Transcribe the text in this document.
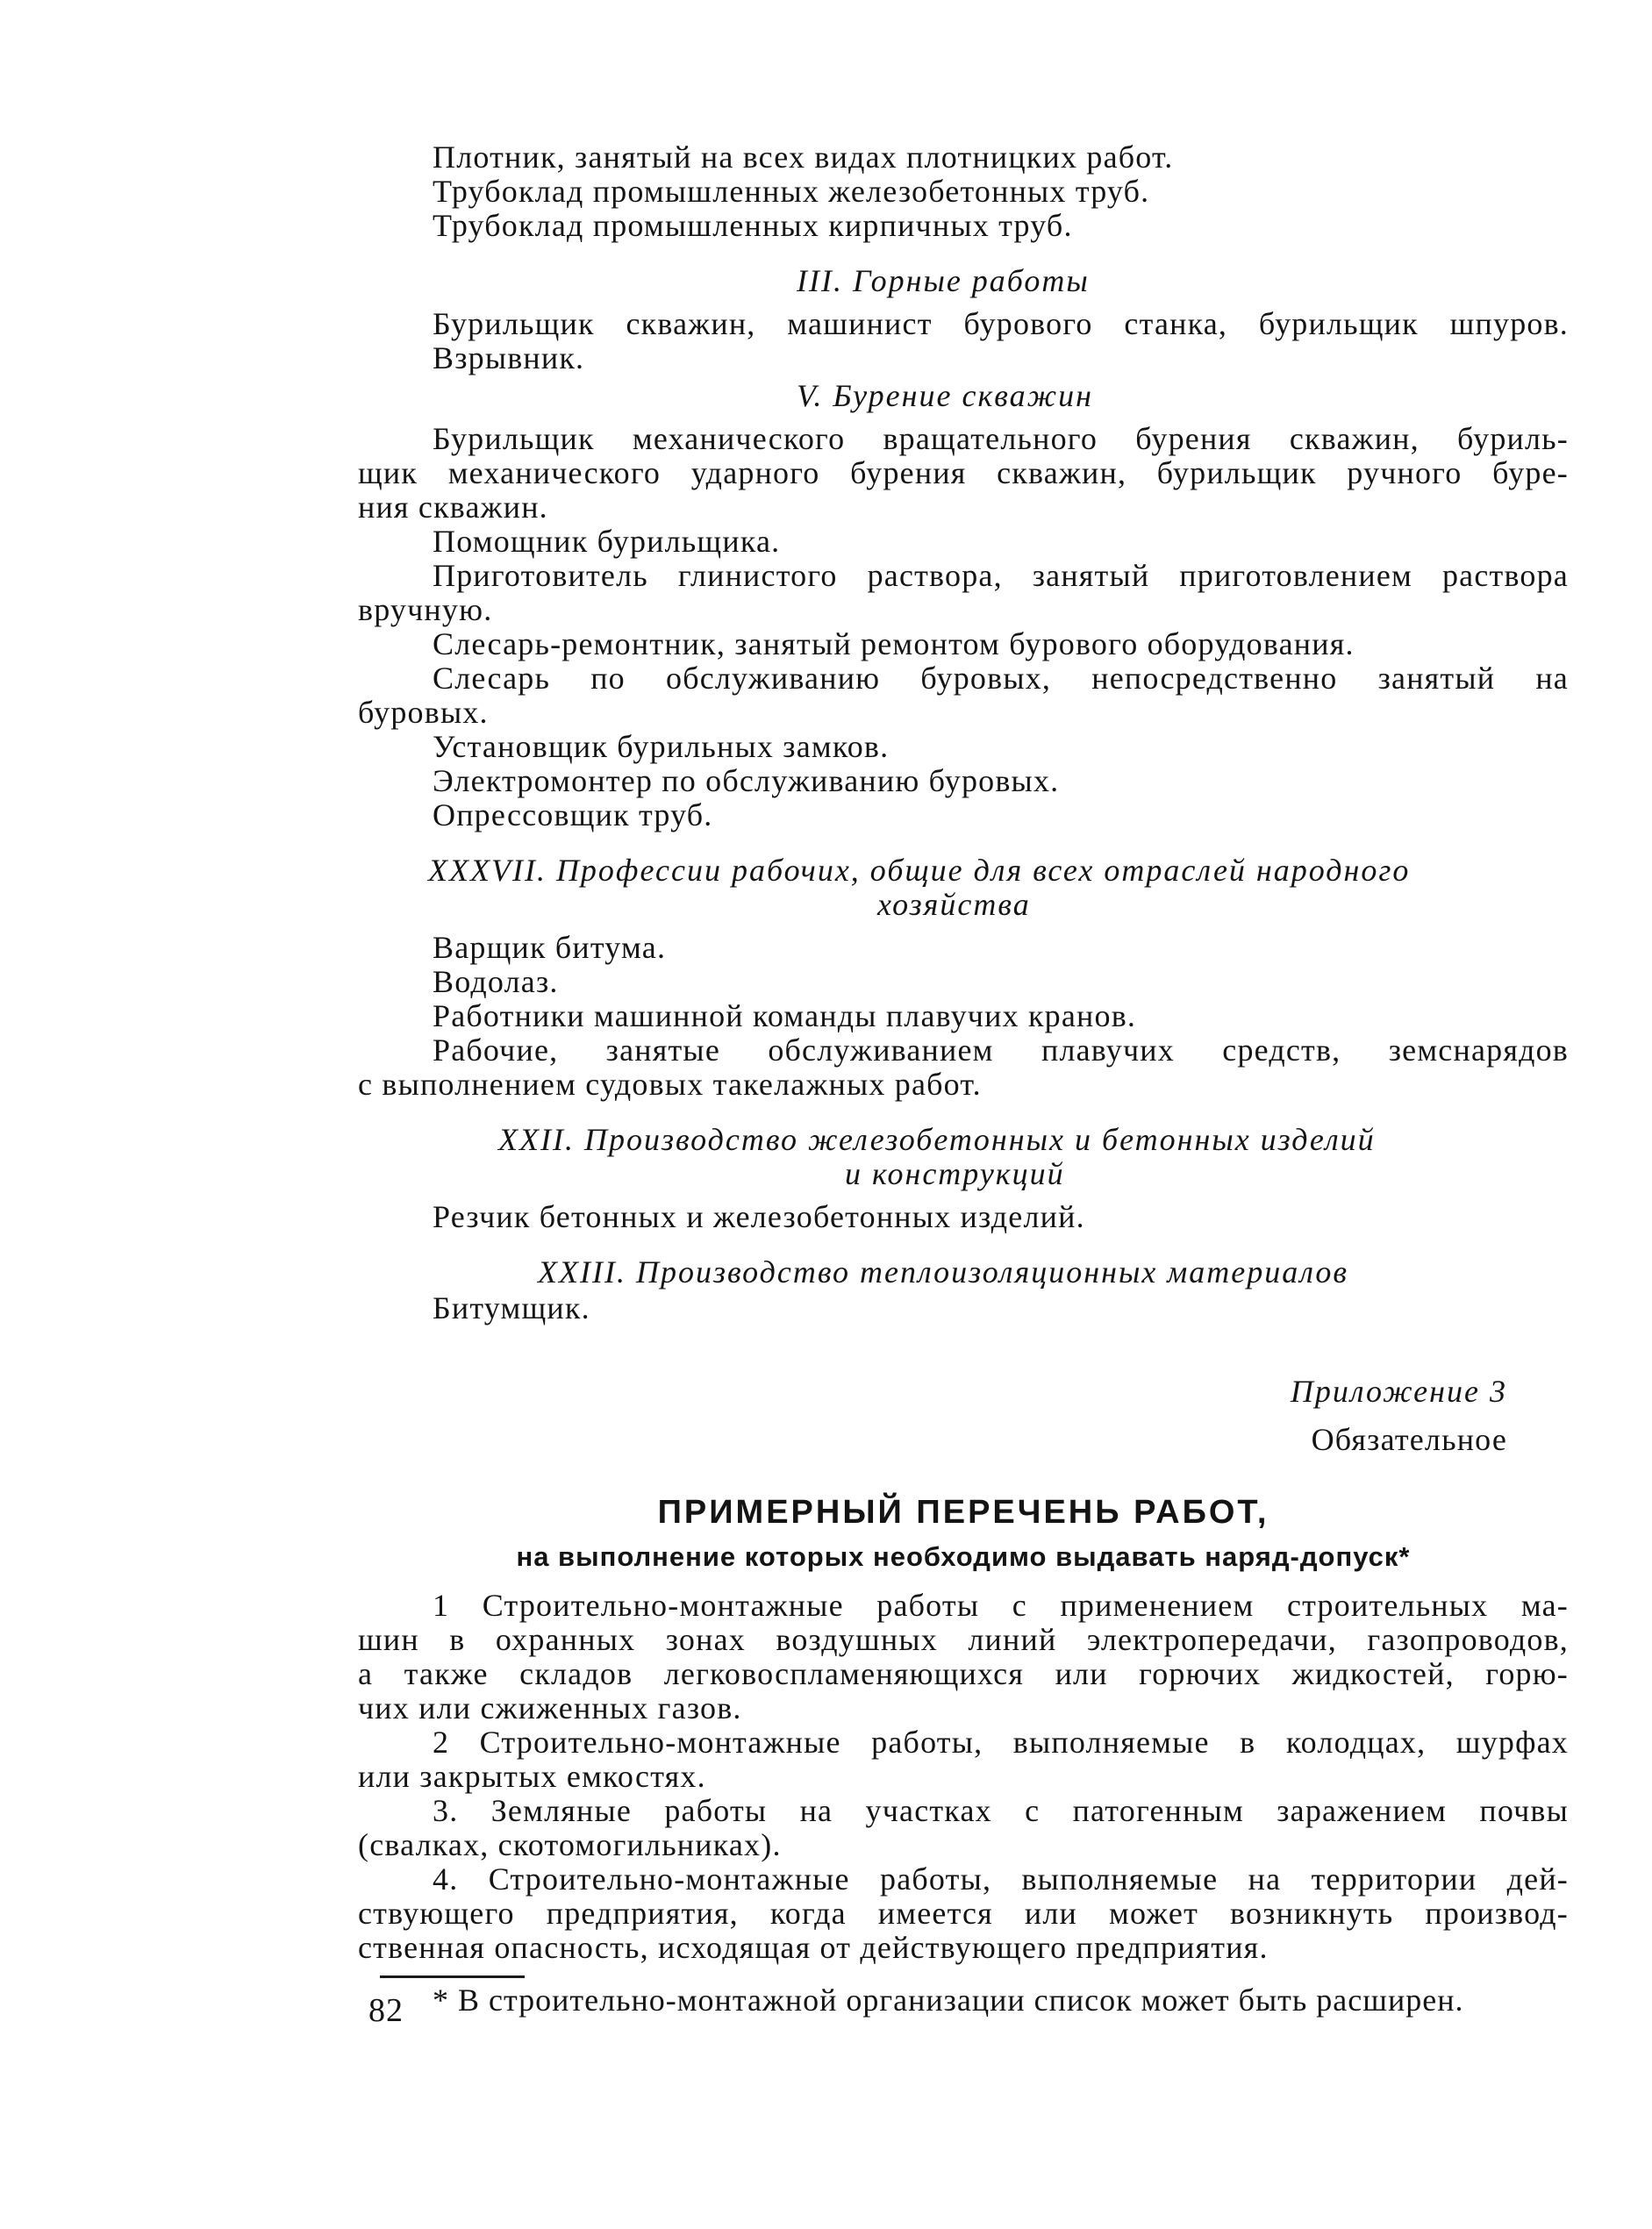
Плотник, занятый на всех видах плотницких работ.
Трубоклад промышленных железобетонных труб.
Трубоклад промышленных кирпичных труб.
III. Горные работы
Бурильщик скважин, машинист бурового станка, бурильщик шпуров.
Взрывник.
V. Бурение скважин
Бурильщик механического вращательного бурения скважин, буриль-
щик механического ударного бурения скважин, бурильщик ручного буре-
ния скважин.
Помощник бурильщика.
Приготовитель глинистого раствора, занятый приготовлением раствора
вручную.
Слесарь-ремонтник, занятый ремонтом бурового оборудования.
Слесарь по обслуживанию буровых, непосредственно занятый на
буровых.
Установщик бурильных замков.
Электромонтер по обслуживанию буровых.
Опрессовщик труб.
XXXVII. Профессии рабочих, общие для всех отраслей народного
хозяйства
Варщик битума.
Водолаз.
Работники машинной команды плавучих кранов.
Рабочие, занятые обслуживанием плавучих средств, земснарядов
с выполнением судовых такелажных работ.
XXII. Производство железобетонных и бетонных изделий
и конструкций
Резчик бетонных и железобетонных изделий.
XXIII. Производство теплоизоляционных материалов
Битумщик.
Приложение 3
Обязательное
ПРИМЕРНЫЙ ПЕРЕЧЕНЬ РАБОТ,
на выполнение которых необходимо выдавать наряд-допуск*
1 Строительно-монтажные работы с применением строительных ма-
шин в охранных зонах воздушных линий электропередачи, газопроводов,
а также складов легковоспламеняющихся или горючих жидкостей, горю-
чих или сжиженных газов.
2 Строительно-монтажные работы, выполняемые в колодцах, шурфах
или закрытых емкостях.
3. Земляные работы на участках с патогенным заражением почвы
(свалках, скотомогильниках).
4. Строительно-монтажные работы, выполняемые на территории дей-
ствующего предприятия, когда имеется или может возникнуть производ-
ственная опасность, исходящая от действующего предприятия.
* В строительно-монтажной организации список может быть расширен.
82
